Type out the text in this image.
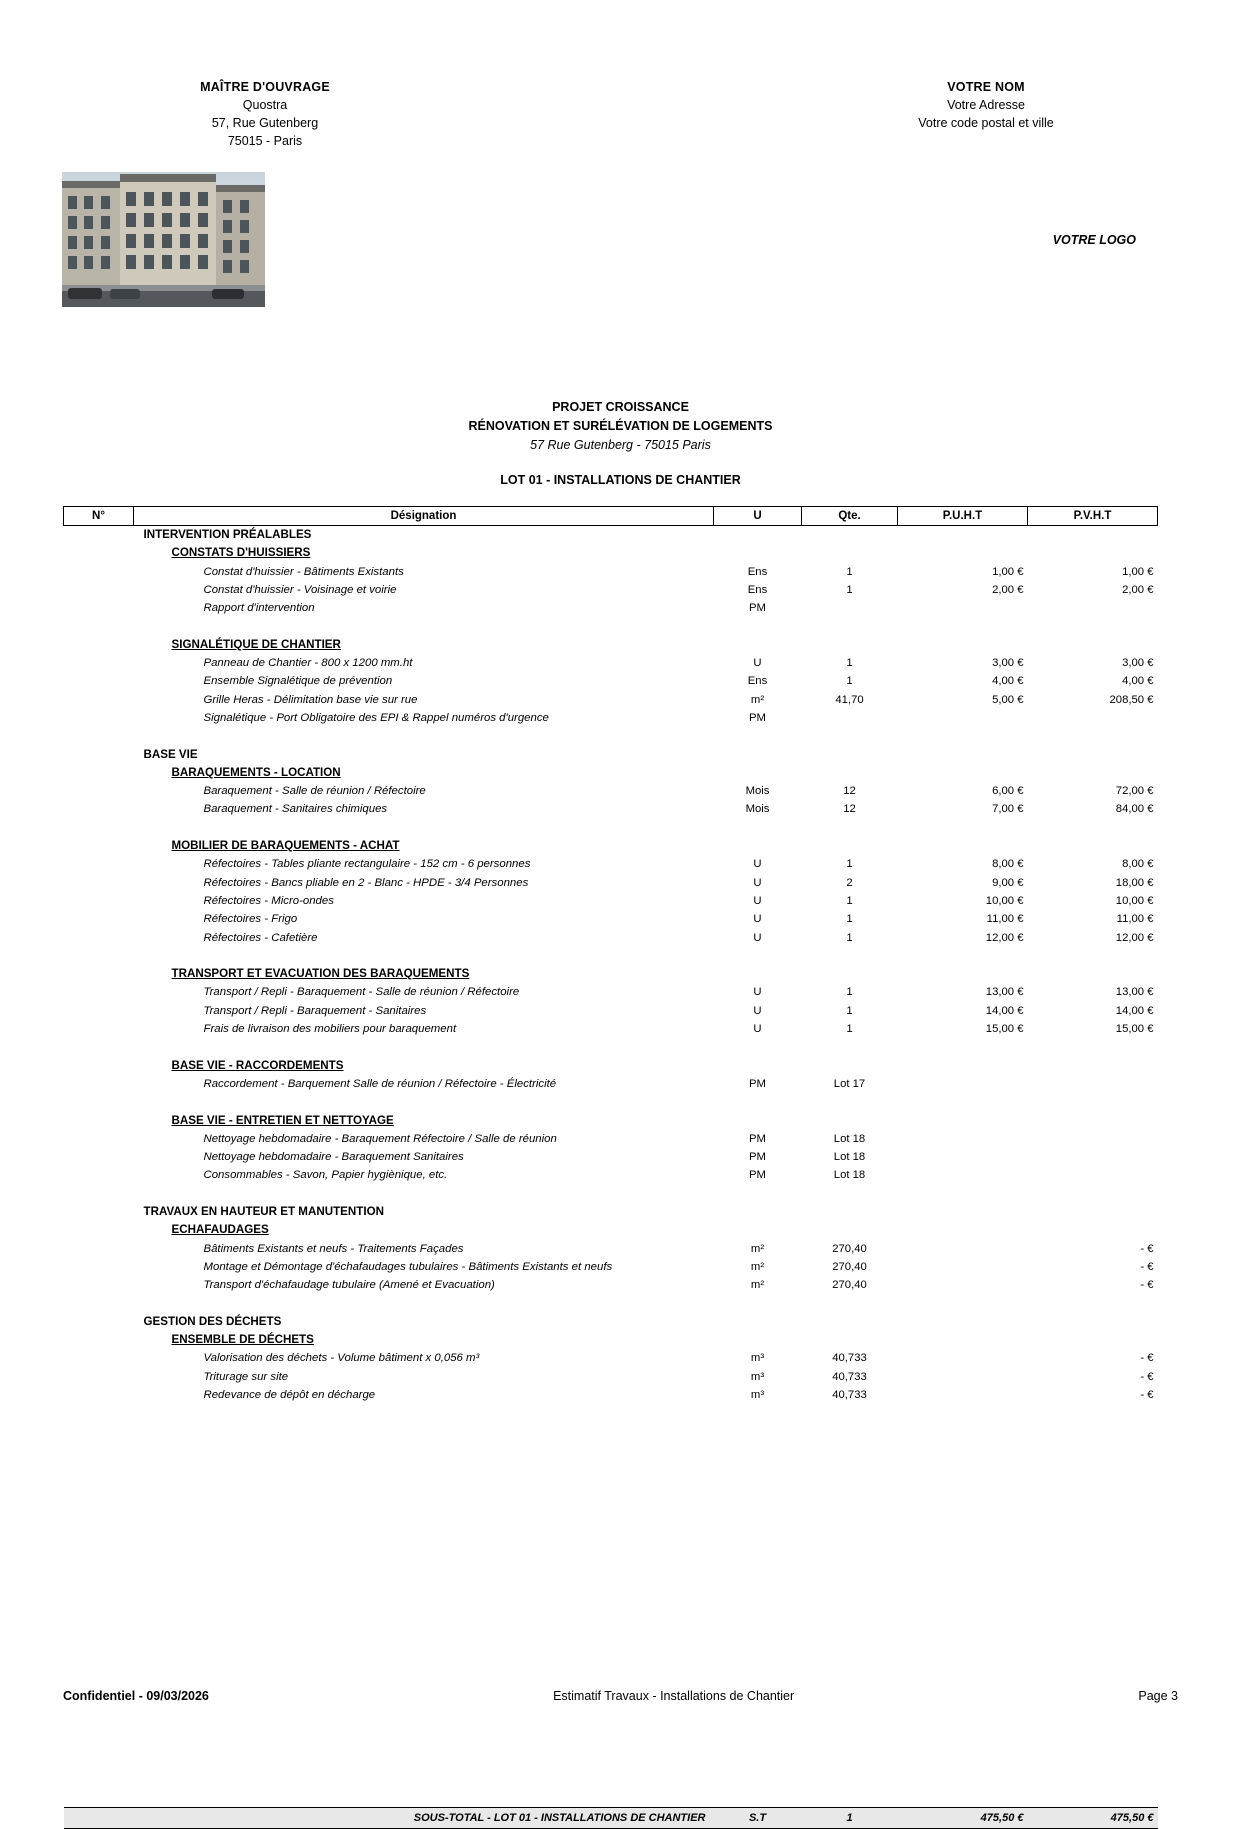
MAÎTRE D'OUVRAGE
Quostra
57, Rue Gutenberg
75015 - Paris
VOTRE NOM
Votre Adresse
Votre code postal et ville
VOTRE LOGO
PROJET CROISSANCE
RÉNOVATION ET SURÉLÉVATION DE LOGEMENTS
57 Rue Gutenberg - 75015 Paris
LOT 01 - INSTALLATIONS DE CHANTIER
N°	Désignation	U	Qte.	P.U.H.T	P.V.H.T
	INTERVENTION PRÉALABLES				
	CONSTATS D'HUISSIERS				
	Constat d'huissier - Bâtiments Existants	Ens	1	1,00 €	1,00 €
	Constat d'huissier - Voisinage et voirie	Ens	1	2,00 €	2,00 €
	Rapport d'intervention	PM			

	SIGNALÉTIQUE DE CHANTIER				
	Panneau de Chantier - 800 x 1200 mm.ht	U	1	3,00 €	3,00 €
	Ensemble Signalétique de prévention	Ens	1	4,00 €	4,00 €
	Grille Heras - Délimitation base vie sur rue	m²	41,70	5,00 €	208,50 €
	Signalétique - Port Obligatoire des EPI & Rappel numéros d'urgence	PM			

	BASE VIE				
	BARAQUEMENTS - LOCATION				
	Baraquement - Salle de réunion / Réfectoire	Mois	12	6,00 €	72,00 €
	Baraquement - Sanitaires chimiques	Mois	12	7,00 €	84,00 €

	MOBILIER DE BARAQUEMENTS - ACHAT				
	Réfectoires - Tables pliante rectangulaire - 152 cm - 6 personnes	U	1	8,00 €	8,00 €
	Réfectoires - Bancs pliable en 2 - Blanc - HPDE - 3/4 Personnes	U	2	9,00 €	18,00 €
	Réfectoires - Micro-ondes	U	1	10,00 €	10,00 €
	Réfectoires - Frigo	U	1	11,00 €	11,00 €
	Réfectoires - Cafetière	U	1	12,00 €	12,00 €

	TRANSPORT ET EVACUATION DES BARAQUEMENTS				
	Transport / Repli - Baraquement - Salle de réunion / Réfectoire	U	1	13,00 €	13,00 €
	Transport / Repli - Baraquement - Sanitaires	U	1	14,00 €	14,00 €
	Frais de livraison des mobiliers pour baraquement	U	1	15,00 €	15,00 €

	BASE VIE - RACCORDEMENTS				
	Raccordement - Barquement Salle de réunion / Réfectoire - Électricité	PM	Lot 17		

	BASE VIE - ENTRETIEN ET NETTOYAGE				
	Nettoyage hebdomadaire - Baraquement Réfectoire / Salle de réunion	PM	Lot 18		
	Nettoyage hebdomadaire - Baraquement Sanitaires	PM	Lot 18		
	Consommables - Savon, Papier hygiènique, etc.	PM	Lot 18		

	TRAVAUX EN HAUTEUR ET MANUTENTION				
	ECHAFAUDAGES				
	Bâtiments Existants et neufs - Traitements Façades	m²	270,40		- €
	Montage et Démontage d'échafaudages tubulaires - Bâtiments Existants et neufs	m²	270,40		- €
	Transport d'échafaudage tubulaire (Amené et Evacuation)	m²	270,40		- €

	GESTION DES DÉCHETS				
	ENSEMBLE DE DÉCHETS				
	Valorisation des déchets - Volume bâtiment x 0,056 m³	m³	40,733		- €
	Triturage sur site	m³	40,733		- €
	Redevance de dépôt en décharge	m³	40,733		- €

	SOUS-TOTAL - LOT 01 - INSTALLATIONS DE CHANTIER	S.T	1	475,50 €	475,50 €
Confidentiel - 09/03/2026	Estimatif Travaux - Installations de Chantier	Page 3
